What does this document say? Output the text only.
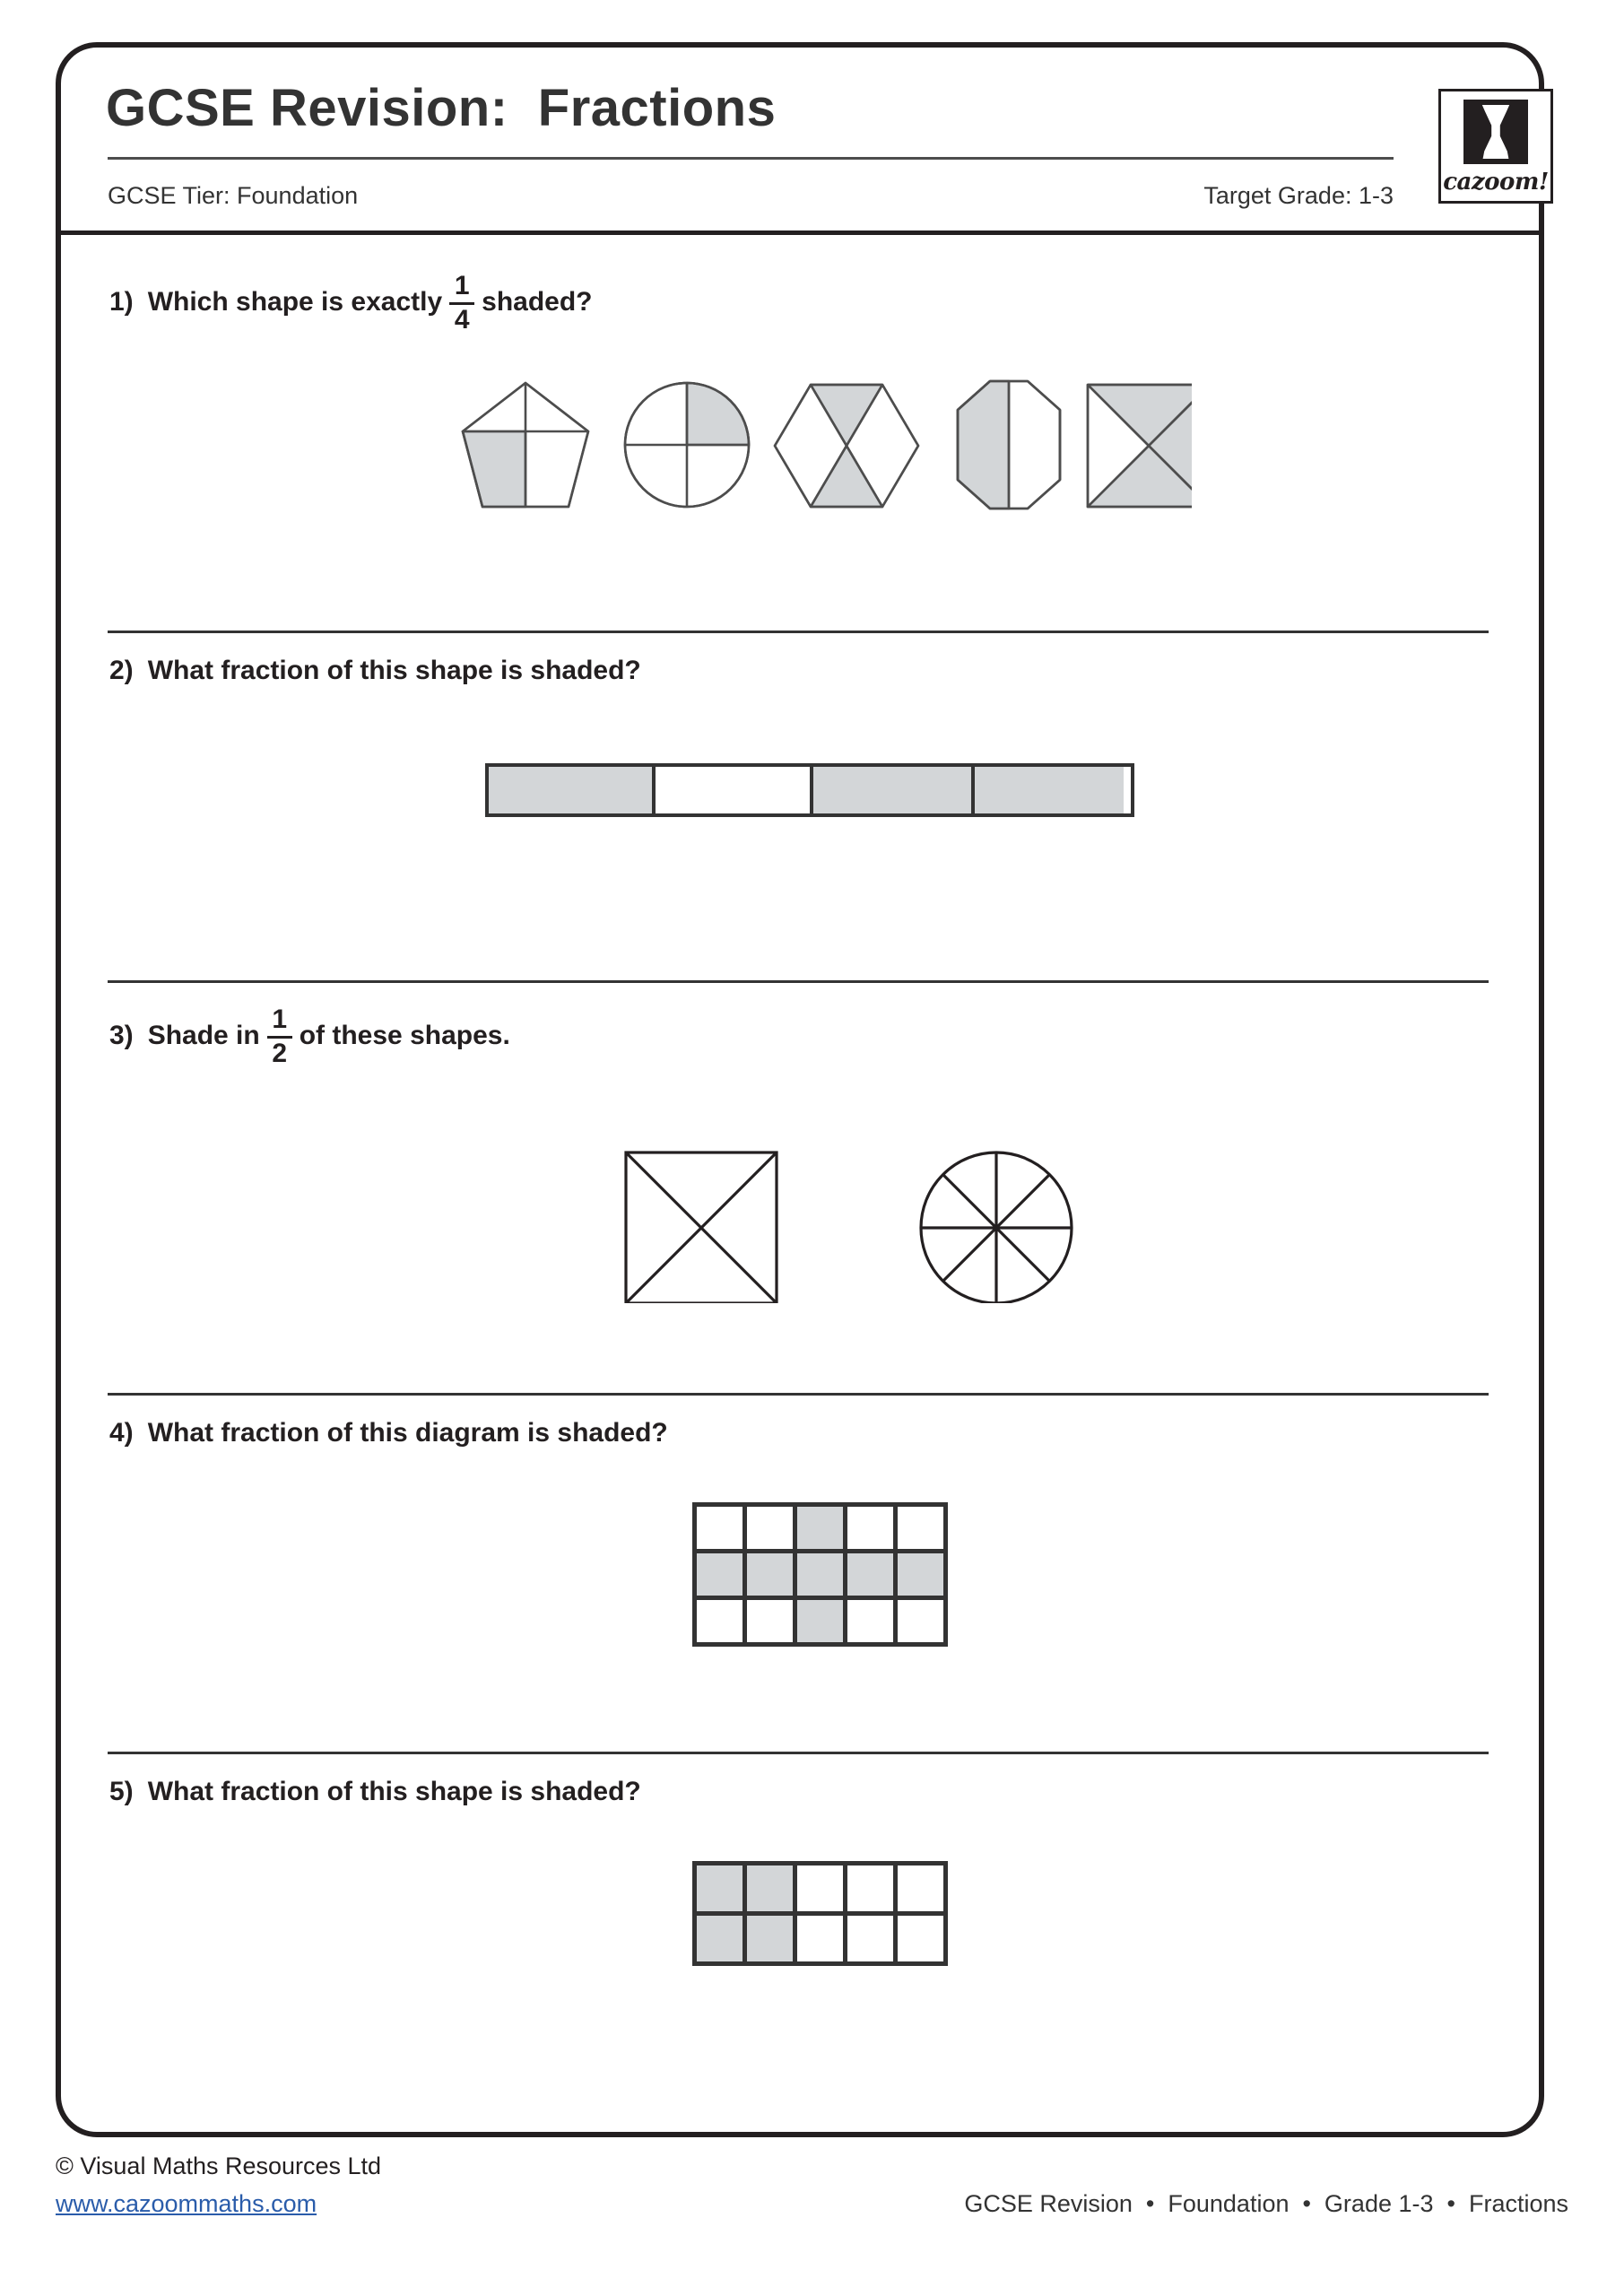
GCSE Revision:  Fractions
GCSE Tier: Foundation	Target Grade: 1-3 cazoom!
1) Which shape is exactly $\frac{1}{4}$ shaded?
2) What fraction of this shape is shaded?
3) Shade in $\frac{1}{2}$ of these shapes.
4) What fraction of this diagram is shaded?
5) What fraction of this shape is shaded?
© Visual Maths Resources Ltd
www.cazoommaths.com	GCSE Revision  •  Foundation  •  Grade 1-3  •  Fractions
